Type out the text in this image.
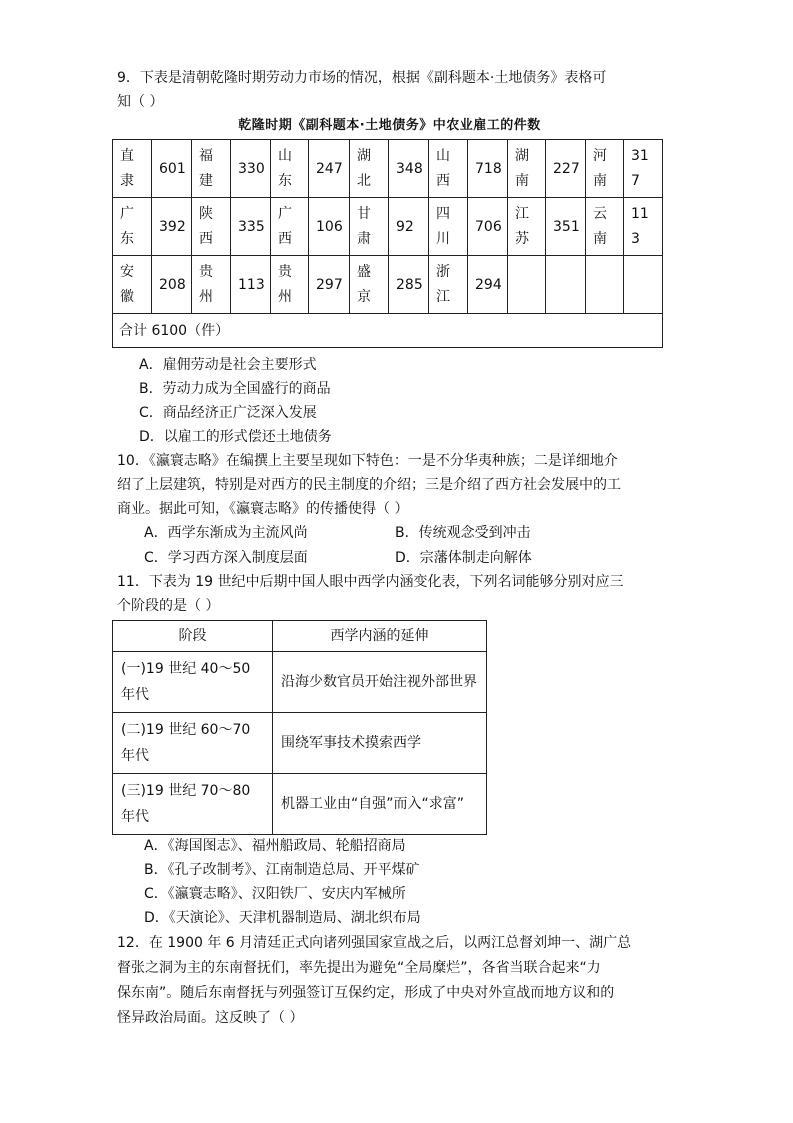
9．下表是清朝乾隆时期劳动力市场的情况，根据《副科题本·土地债务》表格可
知（ ）
乾隆时期《副科题本·土地债务》中农业雇工的件数
直隶	601	福建	330	山东	247	湖北	348	山西	718	湖南	227	河南	317
广东	392	陕西	335	广西	106	甘肃	92	四川	706	江苏	351	云南	113
安徽	208	贵州	113	贵州	297	盛京	285	浙江	294				
合计 6100（件）													
A．雇佣劳动是社会主要形式
B．劳动力成为全国盛行的商品
C．商品经济正广泛深入发展
D．以雇工的形式偿还土地债务
10．《瀛寰志略》在编撰上主要呈现如下特色：一是不分华夷种族；二是详细地介
绍了上层建筑，特别是对西方的民主制度的介绍；三是介绍了西方社会发展中的工
商业。据此可知，《瀛寰志略》的传播使得（ ）
A．西学东渐成为主流风尚	B．传统观念受到冲击
C．学习西方深入制度层面	D．宗藩体制走向解体
11．下表为 19 世纪中后期中国人眼中西学内涵变化表，下列名词能够分别对应三
个阶段的是（ ）
阶段	西学内涵的延伸
(一)19 世纪 40～50 年代	沿海少数官员开始注视外部世界
(二)19 世纪 60～70 年代	围绕军事技术摸索西学
(三)19 世纪 70～80 年代	机器工业由“自强”而入“求富”
A．《海国图志》、福州船政局、轮船招商局
B．《孔子改制考》、江南制造总局、开平煤矿
C．《瀛寰志略》、汉阳铁厂、安庆内军械所
D．《天演论》、天津机器制造局、湖北织布局
12．在 1900 年 6 月清廷正式向诸列强国家宣战之后，以两江总督刘坤一、湖广总
督张之洞为主的东南督抚们，率先提出为避免“全局糜烂”，各省当联合起来“力
保东南”。随后东南督抚与列强签订互保约定，形成了中央对外宣战而地方议和的
怪异政治局面。这反映了（ ）
